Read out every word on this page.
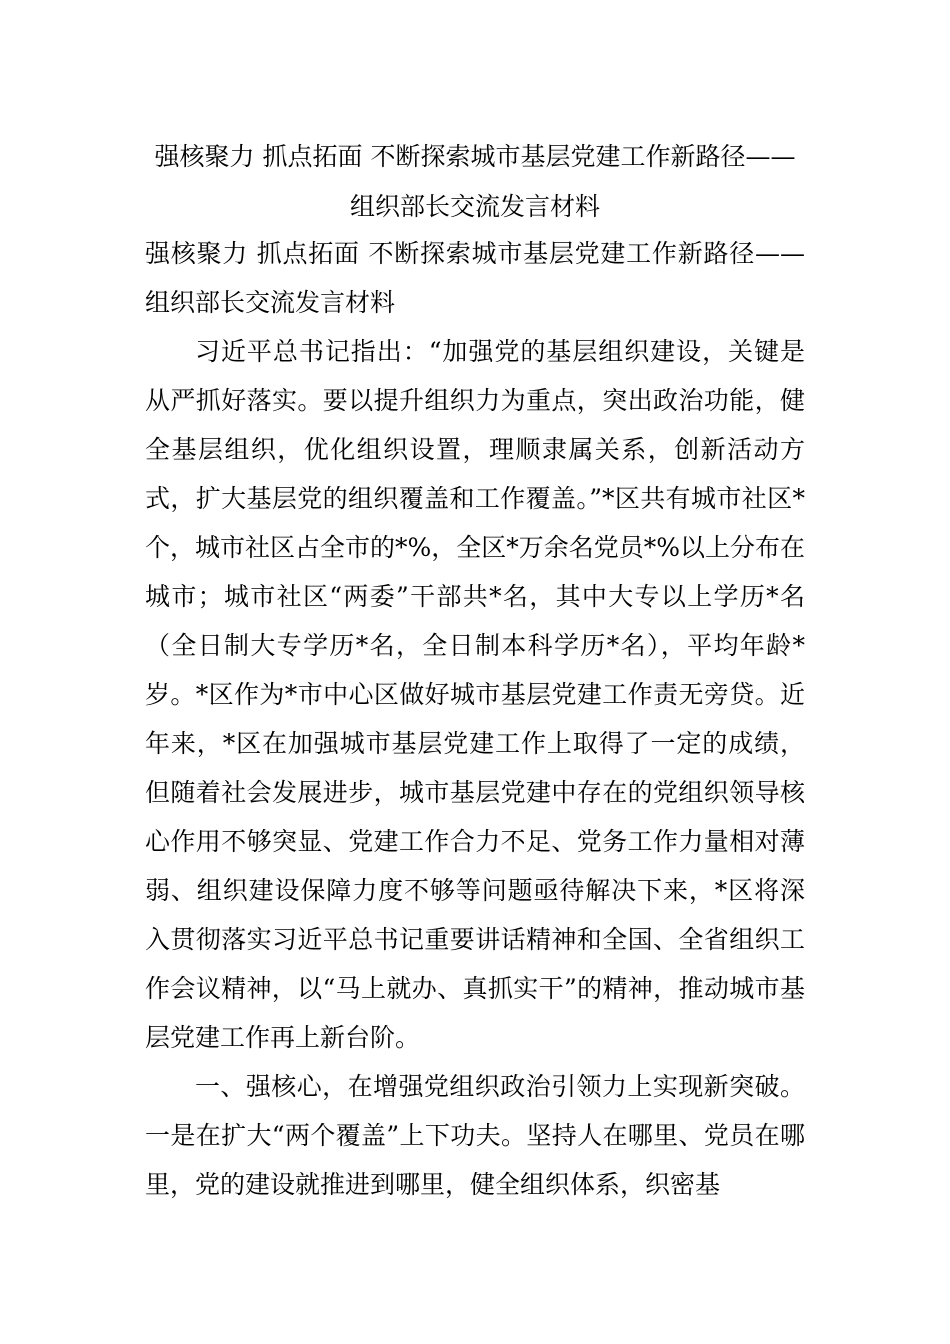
强核聚力 抓点拓面 不断探索城市基层党建工作新路径——组织部长交流发言材料

强核聚力 抓点拓面 不断探索城市基层党建工作新路径——组织部长交流发言材料

习近平总书记指出：“加强党的基层组织建设，关键是从严抓好落实。要以提升组织力为重点，突出政治功能，健全基层组织，优化组织设置，理顺隶属关系，创新活动方式，扩大基层党的组织覆盖和工作覆盖。”*区共有城市社区*个，城市社区占全市的*%，全区*万余名党员*%以上分布在城市；城市社区“两委”干部共*名，其中大专以上学历*名（全日制大专学历*名，全日制本科学历*名），平均年龄*岁。*区作为*市中心区做好城市基层党建工作责无旁贷。近年来，*区在加强城市基层党建工作上取得了一定的成绩，但随着社会发展进步，城市基层党建中存在的党组织领导核心作用不够突显、党建工作合力不足、党务工作力量相对薄弱、组织建设保障力度不够等问题亟待解决下来，*区将深入贯彻落实习近平总书记重要讲话精神和全国、全省组织工作会议精神，以“马上就办、真抓实干”的精神，推动城市基层党建工作再上新台阶。

一、强核心，在增强党组织政治引领力上实现新突破。一是在扩大“两个覆盖”上下功夫。坚持人在哪里、党员在哪里，党的建设就推进到哪里，健全组织体系，织密基
